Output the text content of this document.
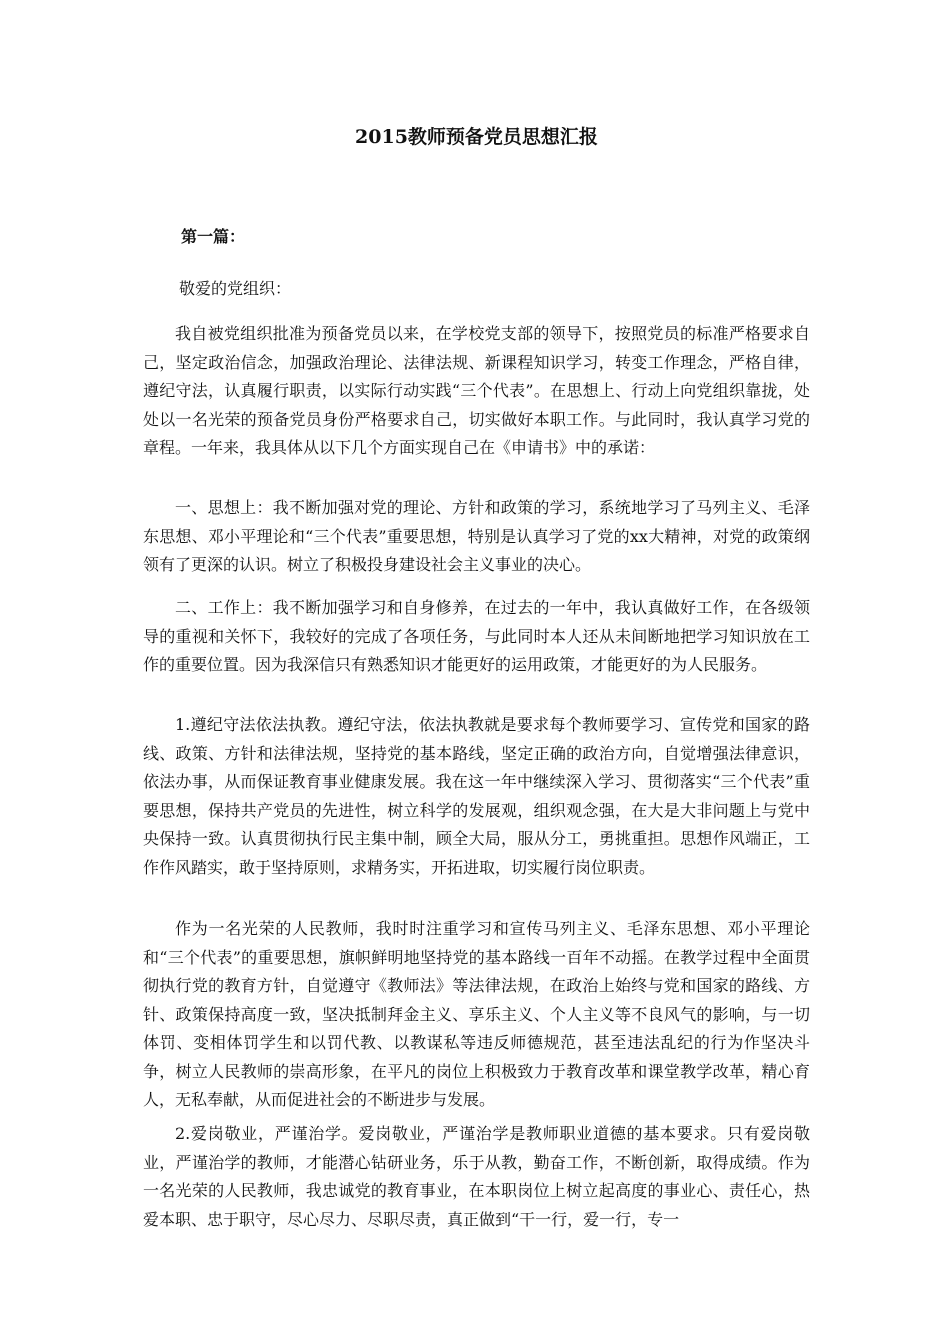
2015教师预备党员思想汇报
第一篇：
敬爱的党组织：

我自被党组织批准为预备党员以来，在学校党支部的领导下，按照党员的标准严格要求自己，坚定政治信念，加强政治理论、法律法规、新课程知识学习，转变工作理念，严格自律，遵纪守法，认真履行职责，以实际行动实践“三个代表”。在思想上、行动上向党组织靠拢，处处以一名光荣的预备党员身份严格要求自己，切实做好本职工作。与此同时，我认真学习党的章程。一年来，我具体从以下几个方面实现自己在《申请书》中的承诺：

一、思想上：我不断加强对党的理论、方针和政策的学习，系统地学习了马列主义、毛泽东思想、邓小平理论和“三个代表”重要思想，特别是认真学习了党的xx大精神，对党的政策纲领有了更深的认识。树立了积极投身建设社会主义事业的决心。

二、工作上：我不断加强学习和自身修养，在过去的一年中，我认真做好工作，在各级领导的重视和关怀下，我较好的完成了各项任务，与此同时本人还从未间断地把学习知识放在工作的重要位置。因为我深信只有熟悉知识才能更好的运用政策，才能更好的为人民服务。

1.遵纪守法依法执教。遵纪守法，依法执教就是要求每个教师要学习、宣传党和国家的路线、政策、方针和法律法规，坚持党的基本路线，坚定正确的政治方向，自觉增强法律意识，依法办事，从而保证教育事业健康发展。我在这一年中继续深入学习、贯彻落实“三个代表”重要思想，保持共产党员的先进性，树立科学的发展观，组织观念强，在大是大非问题上与党中央保持一致。认真贯彻执行民主集中制，顾全大局，服从分工，勇挑重担。思想作风端正，工作作风踏实，敢于坚持原则，求精务实，开拓进取，切实履行岗位职责。

作为一名光荣的人民教师，我时时注重学习和宣传马列主义、毛泽东思想、邓小平理论和“三个代表”的重要思想，旗帜鲜明地坚持党的基本路线一百年不动摇。在教学过程中全面贯彻执行党的教育方针，自觉遵守《教师法》等法律法规，在政治上始终与党和国家的路线、方针、政策保持高度一致，坚决抵制拜金主义、享乐主义、个人主义等不良风气的影响，与一切体罚、变相体罚学生和以罚代教、以教谋私等违反师德规范，甚至违法乱纪的行为作坚决斗争，树立人民教师的崇高形象，在平凡的岗位上积极致力于教育改革和课堂教学改革，精心育人，无私奉献，从而促进社会的不断进步与发展。

2.爱岗敬业，严谨治学。爱岗敬业，严谨治学是教师职业道德的基本要求。只有爱岗敬业，严谨治学的教师，才能潜心钻研业务，乐于从教，勤奋工作，不断创新，取得成绩。作为一名光荣的人民教师，我忠诚党的教育事业，在本职岗位上树立起高度的事业心、责任心，热爱本职、忠于职守，尽心尽力、尽职尽责，真正做到“干一行，爱一行，专一
